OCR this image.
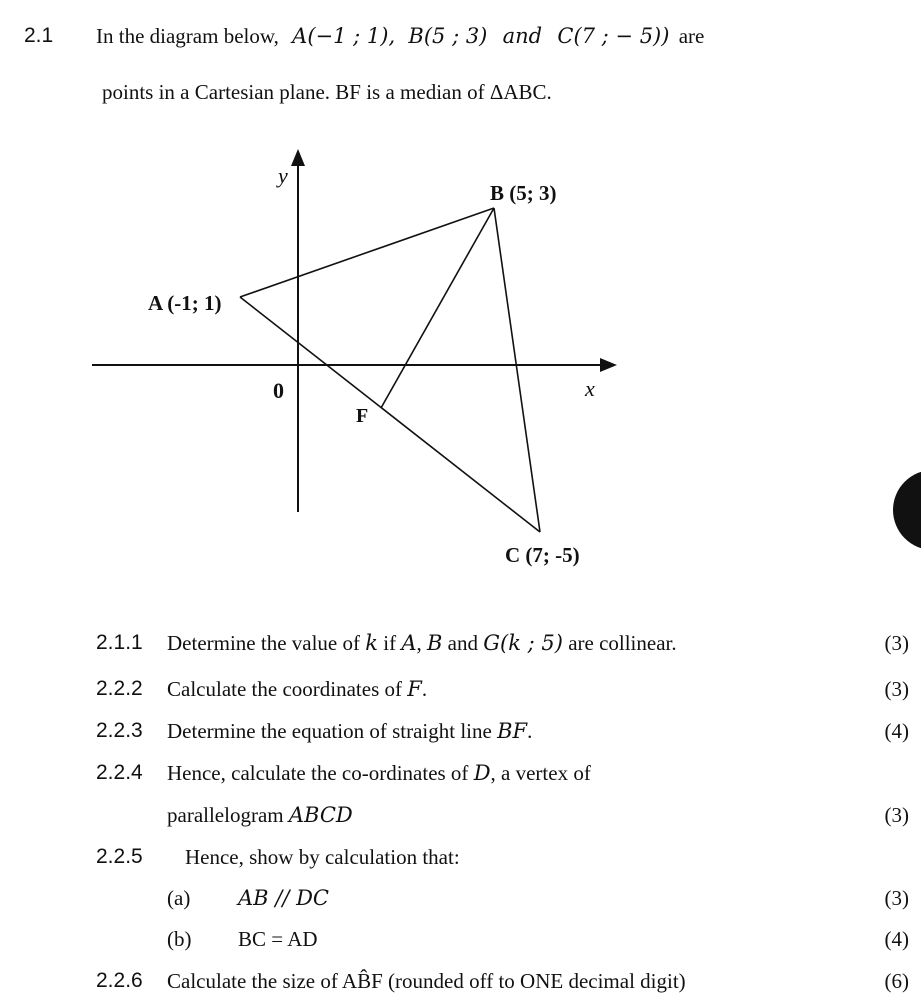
2.1 In the diagram below, A(−1 ; 1), B(5 ; 3) and C(7 ; − 5)) are
points in a Cartesian plane. BF is a median of ΔABC.
y
x
0
A (-1; 1)
B (5; 3)
C (7; -5)
F
2.1.1 Determine the value of k if A, B and G(k ; 5) are collinear.	(3)
2.2.2 Calculate the coordinates of F.	(3)
2.2.3 Determine the equation of straight line BF.	(4)
2.2.4 Hence, calculate the co-ordinates of D, a vertex of
parallelogram ABCD	(3)
2.2.5 Hence, show by calculation that:
(a) AB // DC	(3)
(b) BC = AD	(4)
2.2.6 Calculate the size of AB̂F (rounded off to ONE decimal digit)	(6)
